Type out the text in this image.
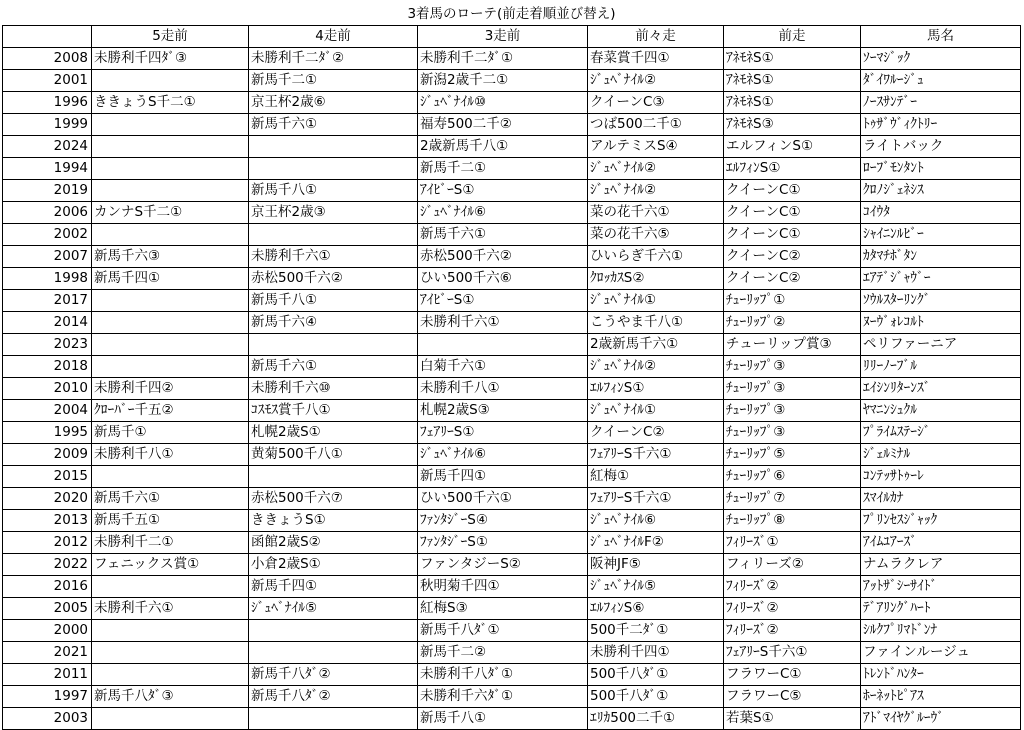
3着馬のローテ(前走着順並び替え)						
	5走前	4走前	3走前	前々走	前走	馬名
2008	未勝利千四ﾀﾞ③	未勝利千二ﾀﾞ②	未勝利千二ﾀﾞ①	春菜賞千四①	ｱﾈﾓﾈS①	ｿｰﾏｼﾞｯｸ
2001		新馬千二①	新潟2歳千二①	ｼﾞｭﾍﾞﾅｲﾙ②	ｱﾈﾓﾈS①	ﾀﾞｲﾜﾙｰｼﾞｭ
1996	ききょうS千二①	京王杯2歳⑥	ｼﾞｭﾍﾞﾅｲﾙ⑩	クイーンC③	ｱﾈﾓﾈS①	ﾉｰｽｻﾝﾃﾞｰ
1999		新馬千六①	福寿500二千②	つば500二千①	ｱﾈﾓﾈS③	ﾄｩｻﾞｳﾞｨｸﾄﾘｰ
2024			2歳新馬千八①	アルテミスS④	エルフィンS①	ライトバック
1994			新馬千二①	ｼﾞｭﾍﾞﾅｲﾙ②	ｴﾙﾌｨﾝS①	ﾛｰﾌﾞﾓﾝﾀﾝﾄ
2019		新馬千八①	ｱｲﾋﾞｰS①	ｼﾞｭﾍﾞﾅｲﾙ②	クイーンC①	ｸﾛﾉｼﾞｪﾈｼｽ
2006	カンナS千二①	京王杯2歳③	ｼﾞｭﾍﾞﾅｲﾙ⑥	菜の花千六①	クイーンC①	ｺｲｳﾀ
2002			新馬千六①	菜の花千六⑤	クイーンC①	ｼｬｲﾆﾝﾙﾋﾞｰ
2007	新馬千六③	未勝利千六①	赤松500千六②	ひいらぎ千六①	クイーンC②	ｶﾀﾏﾁﾎﾞﾀﾝ
1998	新馬千四①	赤松500千六②	ひい500千六⑥	ｸﾛｯｶｽS②	クイーンC②	ｴｱﾃﾞｼﾞｬｳﾞｰ
2017		新馬千八①	ｱｲﾋﾞｰS①	ｼﾞｭﾍﾞﾅｲﾙ①	ﾁｭｰﾘｯﾌﾟ①	ｿｳﾙｽﾀｰﾘﾝｸﾞ
2014		新馬千六④	未勝利千六①	こうやま千八①	ﾁｭｰﾘｯﾌﾟ②	ﾇｰｳﾞｫﾚｺﾙﾄ
2023				2歳新馬千六①	チューリップ賞③	ペリファーニア
2018		新馬千六①	白菊千六①	ｼﾞｭﾍﾞﾅｲﾙ②	ﾁｭｰﾘｯﾌﾟ③	ﾘﾘｰﾉｰﾌﾞﾙ
2010	未勝利千四②	未勝利千六⑩	未勝利千八①	ｴﾙﾌｨﾝS①	ﾁｭｰﾘｯﾌﾟ③	ｴｲｼﾝﾘﾀｰﾝｽﾞ
2004	ｸﾛｰﾊﾞｰ千五②	ｺｽﾓｽ賞千八①	札幌2歳S③	ｼﾞｭﾍﾞﾅｲﾙ①	ﾁｭｰﾘｯﾌﾟ③	ﾔﾏﾆﾝｼｭｸﾙ
1995	新馬千①	札幌2歳S①	ﾌｪｱﾘｰS①	クイーンC②	ﾁｭｰﾘｯﾌﾟ③	ﾌﾟﾗｲﾑｽﾃｰｼﾞ
2009	未勝利千八①	黄菊500千八①	ｼﾞｭﾍﾞﾅｲﾙ⑥	ﾌｪｱﾘｰS千六①	ﾁｭｰﾘｯﾌﾟ⑤	ｼﾞｪﾙﾐﾅﾙ
2015			新馬千四①	紅梅①	ﾁｭｰﾘｯﾌﾟ⑥	ｺﾝﾃｯｻﾄｩｰﾚ
2020	新馬千六①	赤松500千六⑦	ひい500千六①	ﾌｪｱﾘｰS千六①	ﾁｭｰﾘｯﾌﾟ⑦	ｽﾏｲﾙｶﾅ
2013	新馬千五①	ききょうS①	ﾌｧﾝﾀｼﾞｰS④	ｼﾞｭﾍﾞﾅｲﾙ⑥	ﾁｭｰﾘｯﾌﾟ⑧	ﾌﾟﾘﾝｾｽｼﾞｬｯｸ
2012	未勝利千二①	函館2歳S②	ﾌｧﾝﾀｼﾞｰS①	ｼﾞｭﾍﾞﾅｲﾙF②	ﾌｨﾘｰｽﾞ①	ｱｲﾑﾕｱｰｽﾞ
2022	フェニックス賞①	小倉2歳S①	ファンタジーS②	阪神JF⑤	フィリーズ②	ナムラクレア
2016		新馬千四①	秋明菊千四①	ｼﾞｭﾍﾞﾅｲﾙ⑤	ﾌｨﾘｰｽﾞ②	ｱｯﾄｻﾞｼｰｻｲﾄﾞ
2005	未勝利千六①	ｼﾞｭﾍﾞﾅｲﾙ⑤	紅梅S③	ｴﾙﾌｨﾝS⑥	ﾌｨﾘｰｽﾞ②	ﾃﾞｱﾘﾝｸﾞﾊｰﾄ
2000			新馬千八ﾀﾞ①	500千二ﾀﾞ①	ﾌｨﾘｰｽﾞ②	ｼﾙｸﾌﾟﾘﾏﾄﾞﾝﾅ
2021			新馬千二②	未勝利千四①	ﾌｪｱﾘｰS千六①	ファインルージュ
2011		新馬千八ﾀﾞ②	未勝利千八ﾀﾞ①	500千八ﾀﾞ①	フラワーC①	ﾄﾚﾝﾄﾞﾊﾝﾀｰ
1997	新馬千八ﾀﾞ③	新馬千八ﾀﾞ②	未勝利千六ﾀﾞ①	500千八ﾀﾞ①	フラワーC⑤	ﾎｰﾈｯﾄﾋﾟｱｽ
2003			新馬千八①	ｴﾘｶ500二千①	若葉S①	ｱﾄﾞﾏｲﾔｸﾞﾙｰｳﾞ
